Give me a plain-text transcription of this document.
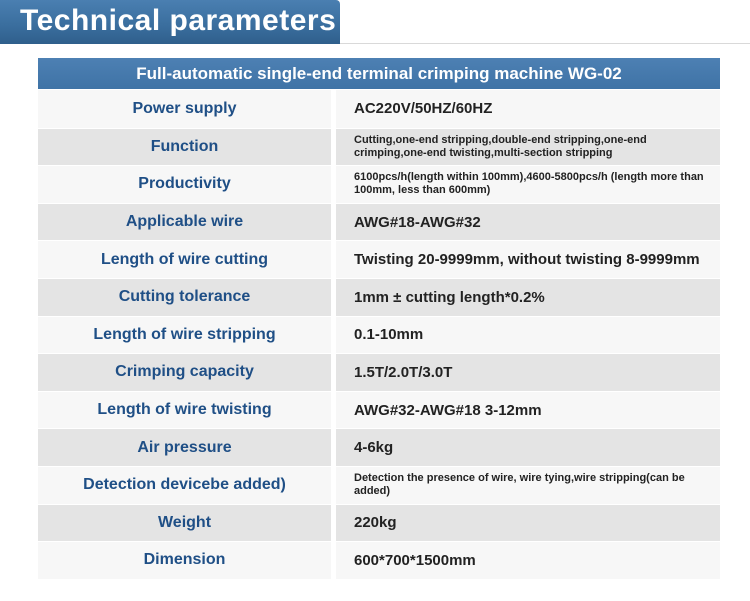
Technical parameters
Full-automatic single-end terminal crimping machine WG-02
Power supply	AC220V/50HZ/60HZ
Function	Cutting,one-end stripping,double-end stripping,one-end crimping,one-end twisting,multi-section stripping
Productivity	6100pcs/h(length within 100mm),4600-5800pcs/h (length more than 100mm, less than 600mm)
Applicable wire	AWG#18-AWG#32
Length of wire cutting	Twisting 20-9999mm, without twisting 8-9999mm
Cutting tolerance	1mm ± cutting length*0.2%
Length of wire stripping	0.1-10mm
Crimping capacity	1.5T/2.0T/3.0T
Length of wire twisting	AWG#32-AWG#18 3-12mm
Air pressure	4-6kg
Detection devicebe added)	Detection the presence of wire, wire tying,wire stripping(can be added)
Weight	220kg
Dimension	600*700*1500mm
